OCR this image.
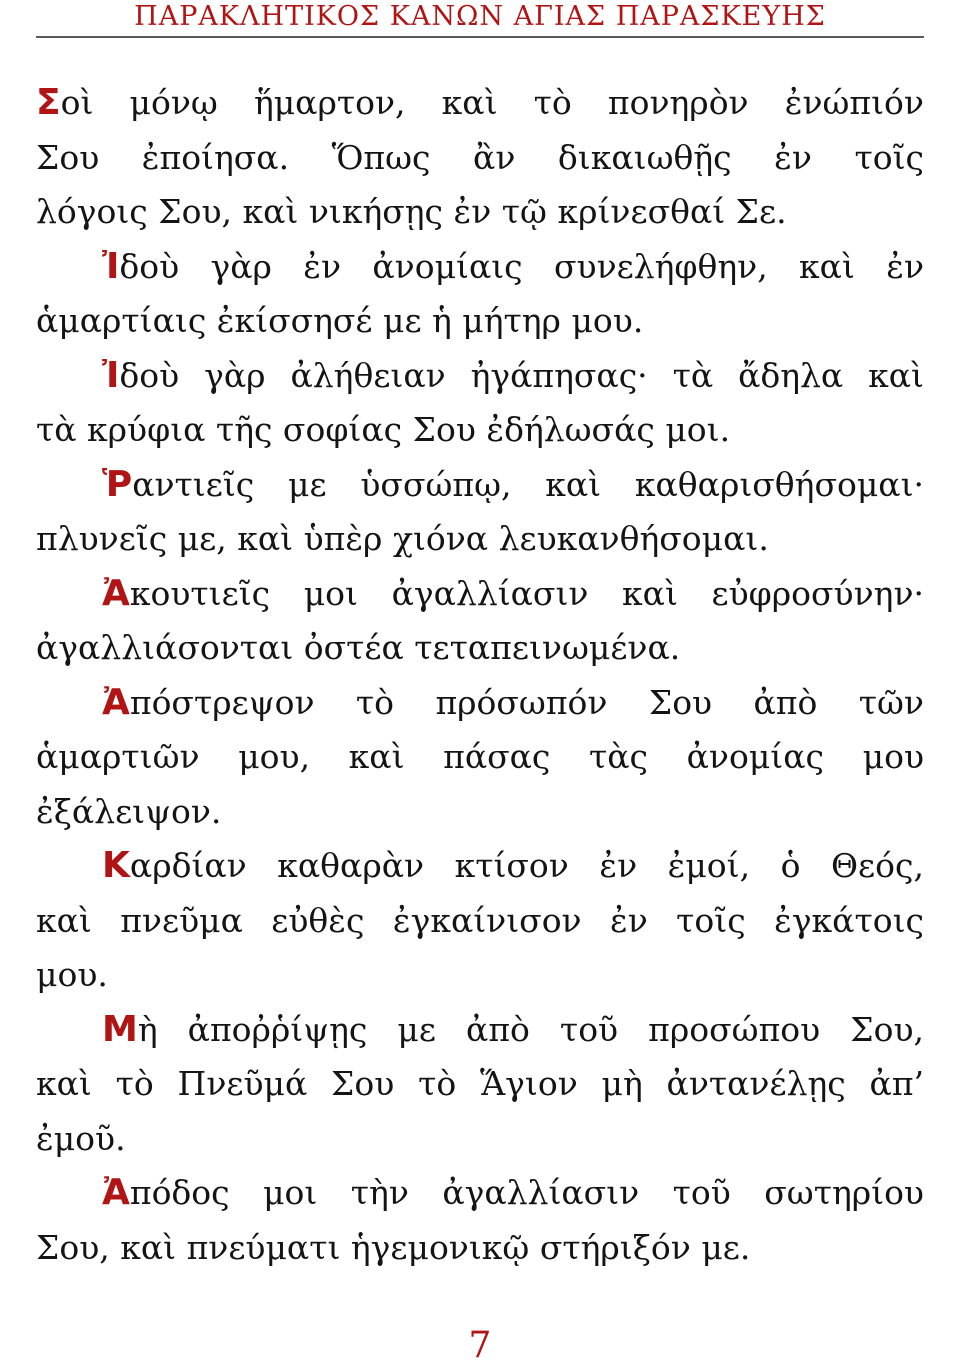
ΠΑΡΑΚΛΗΤΙΚΟΣ ΚΑΝΩΝ ΑΓΙΑΣ ΠΑΡΑΣΚΕΥΗΣ
Σοὶ μόνῳ ἥμαρτον, καὶ τὸ πονηρὸν ἐνώπιόν
Σου ἐποίησα. Ὅπως ἂν δικαιωθῇς ἐν τοῖς
λόγοις Σου, καὶ νικήσῃς ἐν τῷ κρίνεσθαί Σε.
Ἰδοὺ γὰρ ἐν ἀνομίαις συνελήφθην, καὶ ἐν
ἁμαρτίαις ἐκίσσησέ με ἡ μήτηρ μου.
Ἰδοὺ γὰρ ἀλήθειαν ἠγάπησας· τὰ ἄδηλα καὶ
τὰ κρύφια τῆς σοφίας Σου ἐδήλωσάς μοι.
Ῥαντιεῖς με ὑσσώπῳ, καὶ καθαρισθήσομαι·
πλυνεῖς με, καὶ ὑπὲρ χιόνα λευκανθήσομαι.
Ἀκουτιεῖς μοι ἀγαλλίασιν καὶ εὐφροσύνην·
ἀγαλλιάσονται ὀστέα τεταπεινωμένα.
Ἀπόστρεψον τὸ πρόσωπόν Σου ἀπὸ τῶν
ἁμαρτιῶν μου, καὶ πάσας τὰς ἀνομίας μου
ἐξάλειψον.
Καρδίαν καθαρὰν κτίσον ἐν ἐμοί, ὁ Θεός,
καὶ πνεῦμα εὐθὲς ἐγκαίνισον ἐν τοῖς ἐγκάτοις
μου.
Μὴ ἀποῤῥίψῃς με ἀπὸ τοῦ προσώπου Σου,
καὶ τὸ Πνεῦμά Σου τὸ Ἅγιον μὴ ἀντανέλῃς ἀπ’
ἐμοῦ.
Ἀπόδος μοι τὴν ἀγαλλίασιν τοῦ σωτηρίου
Σου, καὶ πνεύματι ἡγεμονικῷ στήριξόν με.
7
